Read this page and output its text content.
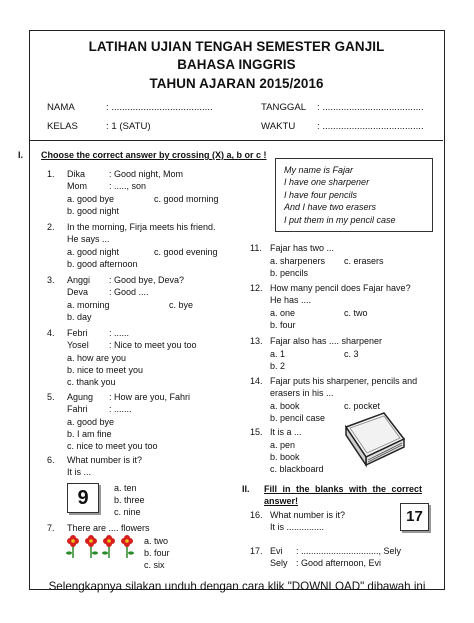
LATIHAN UJIAN TENGAH SEMESTER GANJIL
BAHASA INGGRIS
TAHUN AJARAN 2015/2016
NAMA	: ......................................
KELAS	: 1 (SATU)
TANGGAL : ......................................
WAKTU : ......................................
I. Choose the correct answer by crossing (X) a, b or c !
My name is Fajar
I have one sharpener
I have four pencils
And I have two erasers
I put them in my pencil case
1. Dika	: Good night, Mom
Mom : ....., son
a. good bye	c. good morning
b. good night
2. In the morning, Firja meets his friend.
He says ...
a. good night	c. good evening
b. good afternoon
3. Anggi : Good bye, Deva?
Deva : Good ....
a. morning	c. bye
b. day
4. Febri : ......
Yosel : Nice to meet you too
a. how are you
b. nice to meet you
c. thank you
5. Agung : How are you, Fahri
Fahri : .......
a. good bye
b. I am fine
c. nice to meet you too
6. What number is it?
It is ...
9	a. ten
b. three
c. nine
7. There are .... flowers
a. two
b. four
c. six
11. Fajar has two ...
a. sharpeners c. erasers
b. pencils
12. How many pencil does Fajar have?
He has ....
a. one	c. two
b. four
13. Fajar also has .... sharpener
a. 1	c. 3
b. 2
14. Fajar puts his sharpener, pencils and
erasers in his ...
a. book	c. pocket
b. pencil case
15. It is a ...
a. pen
b. book
c. blackboard
II. Fill in the blanks with the correct
answer!
16. What number is it?
It is ...............
17
17. Evi : ..............................., Sely
Sely : Good afternoon, Evi
Selengkapnya silakan unduh dengan cara klik "DOWNLOAD" dibawah ini
